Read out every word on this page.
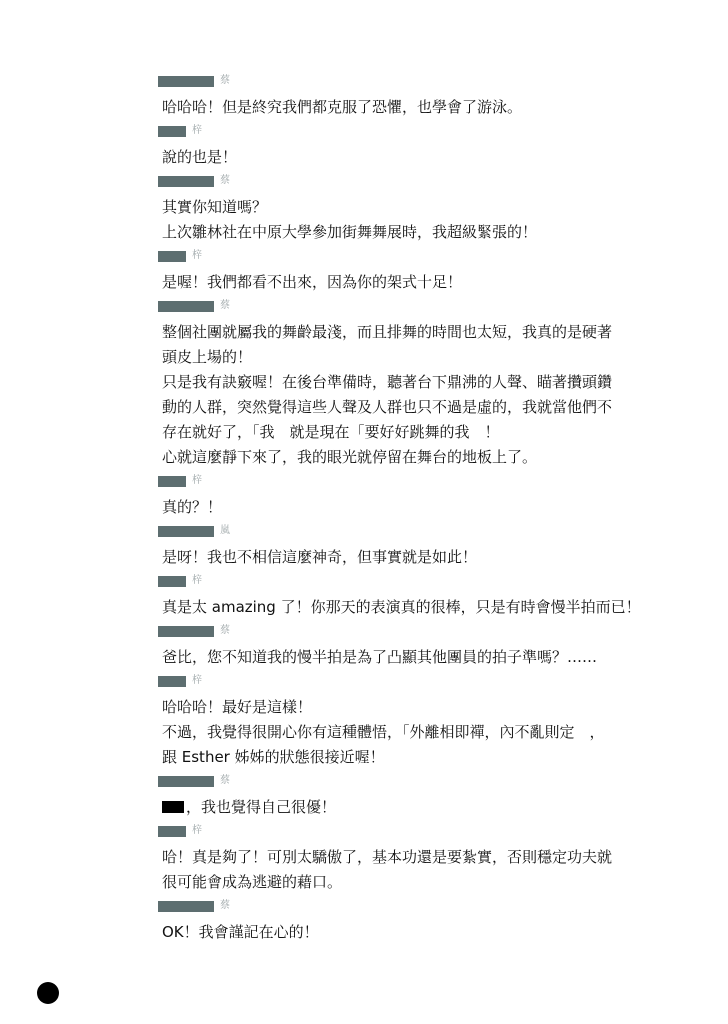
蔡
哈哈哈！但是終究我們都克服了恐懼，也學會了游泳。
梓
說的也是！
蔡
其實你知道嗎？
上次雛林社在中原大學參加街舞舞展時，我超級緊張的！
梓
是喔！我們都看不出來，因為你的架式十足！
蔡
整個社團就屬我的舞齡最淺，而且排舞的時間也太短，我真的是硬著
頭皮上場的！
只是我有訣竅喔！在後台準備時，聽著台下鼎沸的人聲、瞄著攢頭鑽
動的人群，突然覺得這些人聲及人群也只不過是虛的，我就當他們不
存在就好了，「我　就是現在「要好好跳舞的我　！
心就這麼靜下來了，我的眼光就停留在舞台的地板上了。
梓
真的？！
嵐
是呀！我也不相信這麼神奇，但事實就是如此！
梓
真是太 amazing 了！你那天的表演真的很棒，只是有時會慢半拍而已！
蔡
爸比，您不知道我的慢半拍是為了凸顯其他團員的拍子準嗎？……
梓
哈哈哈！最好是這樣！
不過，我覺得很開心你有這種體悟，「外離相即禪，內不亂則定　，
跟 Esther 姊姊的狀態很接近喔！
蔡
，我也覺得自己很優！
梓
哈！真是夠了！可別太驕傲了，基本功還是要紮實，否則穩定功夫就
很可能會成為逃避的藉口。
蔡
OK！我會謹記在心的！
